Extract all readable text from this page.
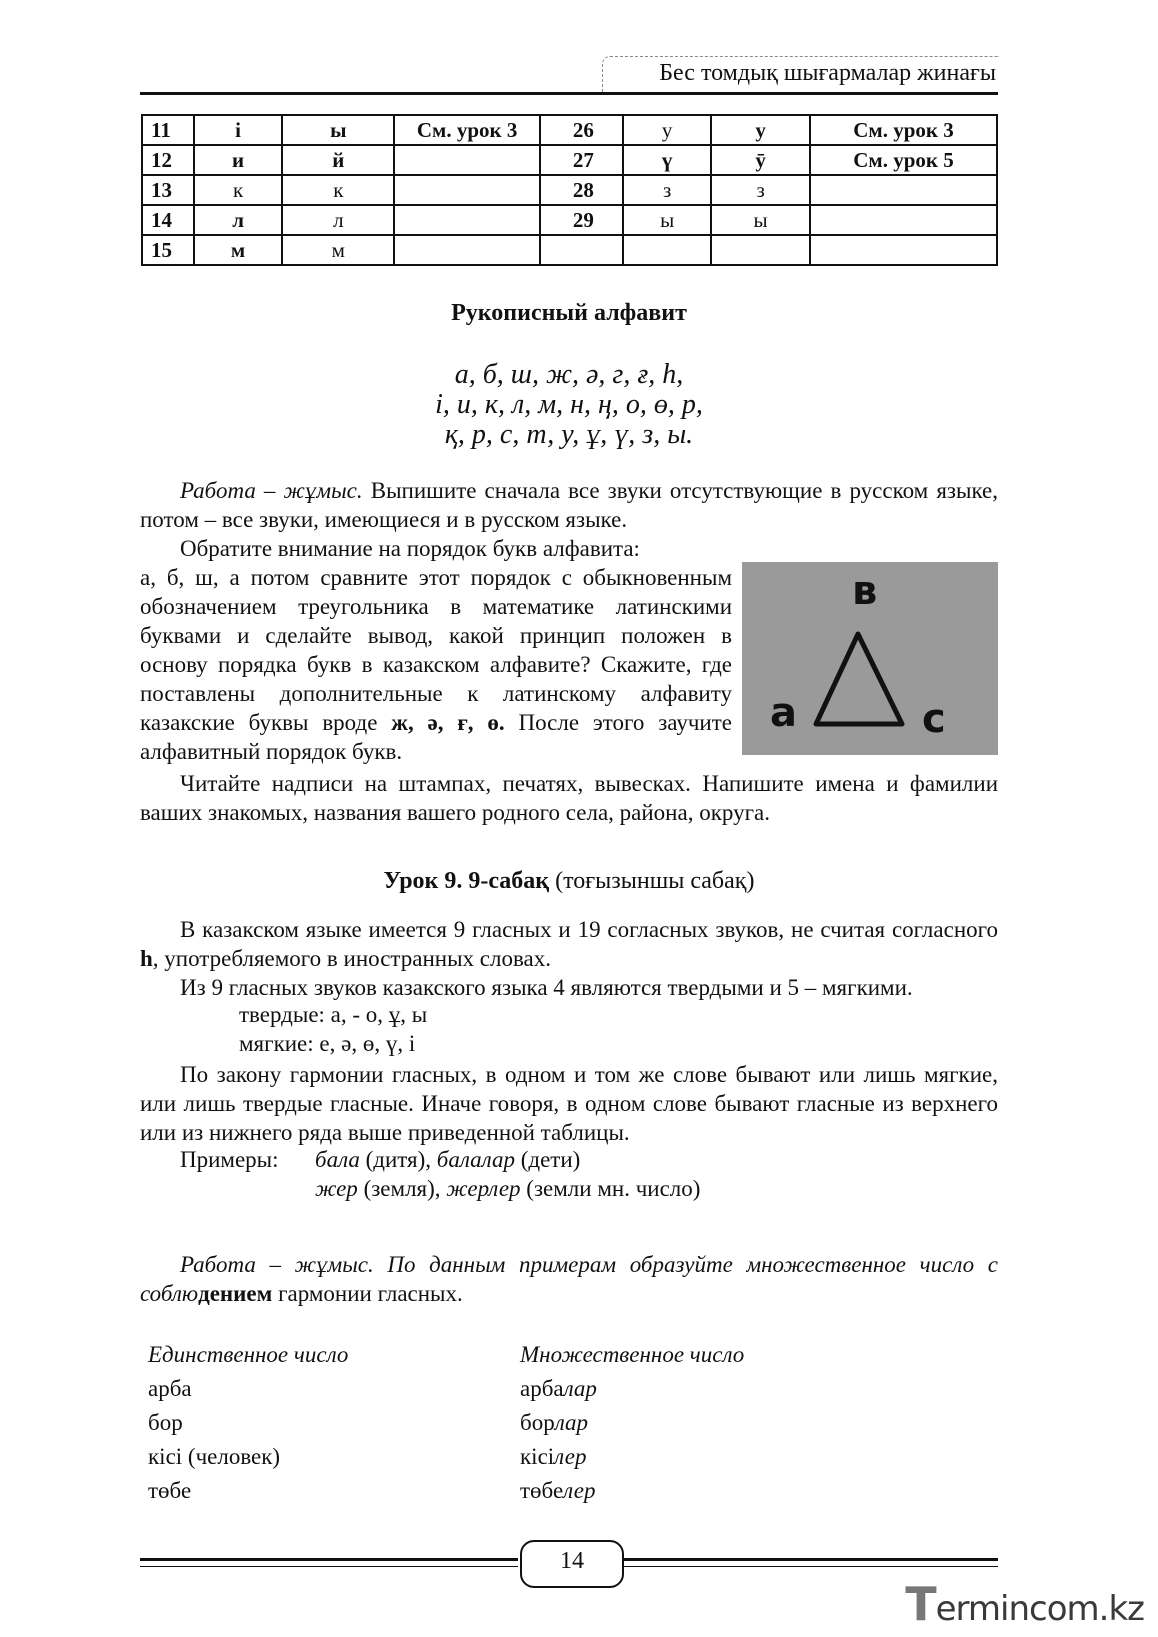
Бес томдық шығармалар жинағы
11	і	ы	См. урок 3	26	у	у	См. урок 3
12	и	й		27	ү	ӯ	См. урок 5
13	к	к		28	з	з	
14	л	л		29	ы	ы	
15	м	м					
Рукописный алфавит
а, б, ш, ж, ә, г, ғ, һ,
і, и, к, л, м, н, ң, о, ө, р,
қ, р, с, т, у, ұ, ү, з, ы.
Работа – жұмыс. Выпишите сначала все звуки отсутствующие в русском языке, потом – все звуки, имеющиеся и в русском языке.
Обратите внимание на порядок букв алфавита:
а, б, ш, а потом сравните этот порядок с обыкновенным обозначением треугольника в математике латинскими буквами и сделайте вывод, какой принцип положен в основу порядка букв в казакском алфавите? Скажите, где поставлены дополнительные к латинскому алфавиту казакские буквы вроде ж, ә, ғ, ө. После этого заучите алфавитный порядок букв.
в
а	с
Читайте надписи на штампах, печатях, вывесках. Напишите имена и фамилии ваших знакомых, названия вашего родного села, района, округа.
Урок 9. 9-сабақ (тоғызыншы сабақ)
В казакском языке имеется 9 гласных и 19 согласных звуков, не считая согласного h, употребляемого в иностранных словах.
Из 9 гласных звуков казакского языка 4 являются твердыми и 5 – мягкими.
твердые: а, - о, ұ, ы
мягкие: е, ә, ө, ү, і
По закону гармонии гласных, в одном и том же слове бывают или лишь мягкие, или лишь твердые гласные. Иначе говоря, в одном слове бывают гласные из верхнего или из нижнего ряда выше приведенной таблицы.
Примеры: бала (дитя), балалар (дети)
жер (земля), жерлер (земли мн. число)
Работа – жұмыс. По данным примерам образуйте множественное число с соблюдением гармонии гласных.
Единственное число	Множественное число
арба	арбалар
бор	борлар
кісі (человек)	кісілер
төбе	төбелер
14
Termincom.kz
